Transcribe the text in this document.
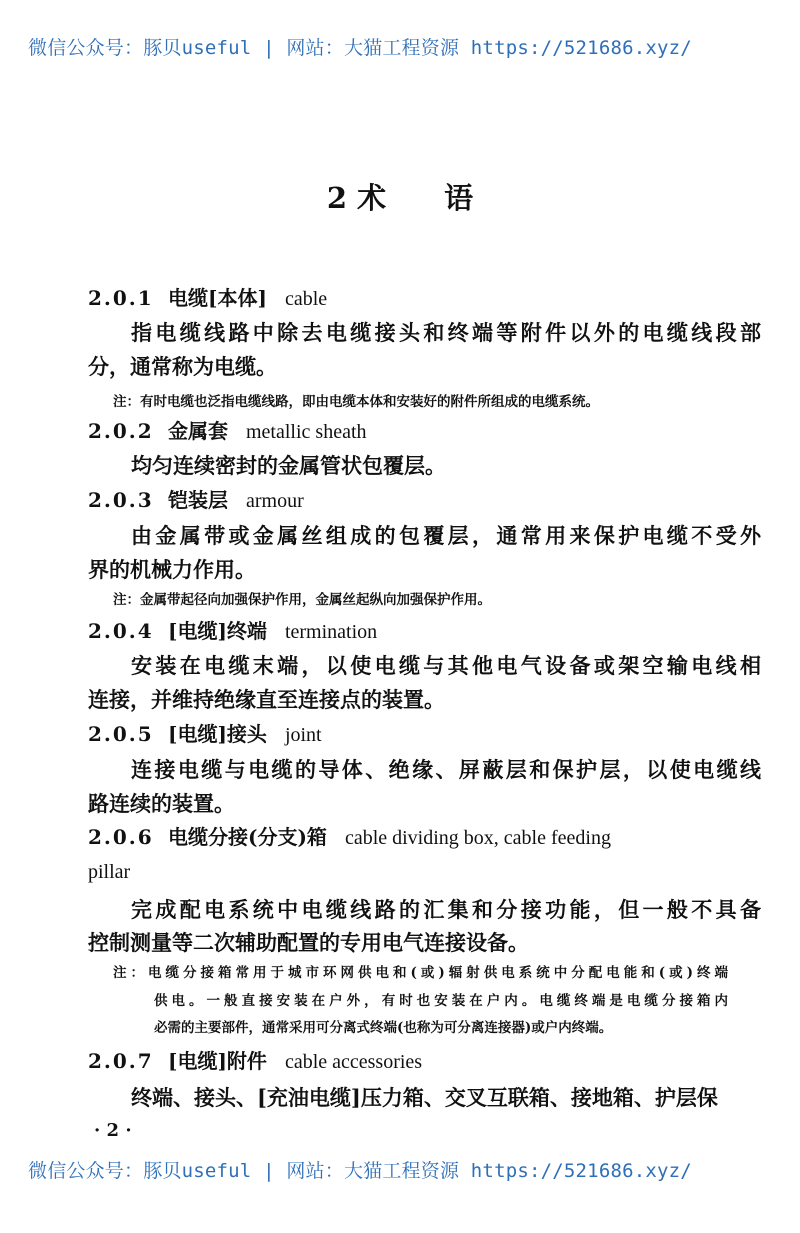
微信公众号：豚贝useful | 网站：大猫工程资源 https://521686.xyz/
2 术　　语
2.0.1 电缆[本体] cable
指电缆线路中除去电缆接头和终端等附件以外的电缆线段部
分，通常称为电缆。
注：有时电缆也泛指电缆线路，即由电缆本体和安装好的附件所组成的电缆系统。
2.0.2 金属套 metallic sheath
均匀连续密封的金属管状包覆层。
2.0.3 铠装层 armour
由金属带或金属丝组成的包覆层，通常用来保护电缆不受外
界的机械力作用。
注：金属带起径向加强保护作用，金属丝起纵向加强保护作用。
2.0.4 [电缆]终端 termination
安装在电缆末端，以使电缆与其他电气设备或架空输电线相
连接，并维持绝缘直至连接点的装置。
2.0.5 [电缆]接头 joint
连接电缆与电缆的导体、绝缘、屏蔽层和保护层，以使电缆线
路连续的装置。
2.0.6 电缆分接(分支)箱 cable dividing box, cable feeding
pillar
完成配电系统中电缆线路的汇集和分接功能，但一般不具备
控制测量等二次辅助配置的专用电气连接设备。
注：电缆分接箱常用于城市环网供电和(或)辐射供电系统中分配电能和(或)终端
供电。一般直接安装在户外，有时也安装在户内。电缆终端是电缆分接箱内
必需的主要部件，通常采用可分离式终端(也称为可分离连接器)或户内终端。
2.0.7 [电缆]附件 cable accessories
终端、接头、[充油电缆]压力箱、交叉互联箱、接地箱、护层保
· 2 ·
微信公众号：豚贝useful | 网站：大猫工程资源 https://521686.xyz/
